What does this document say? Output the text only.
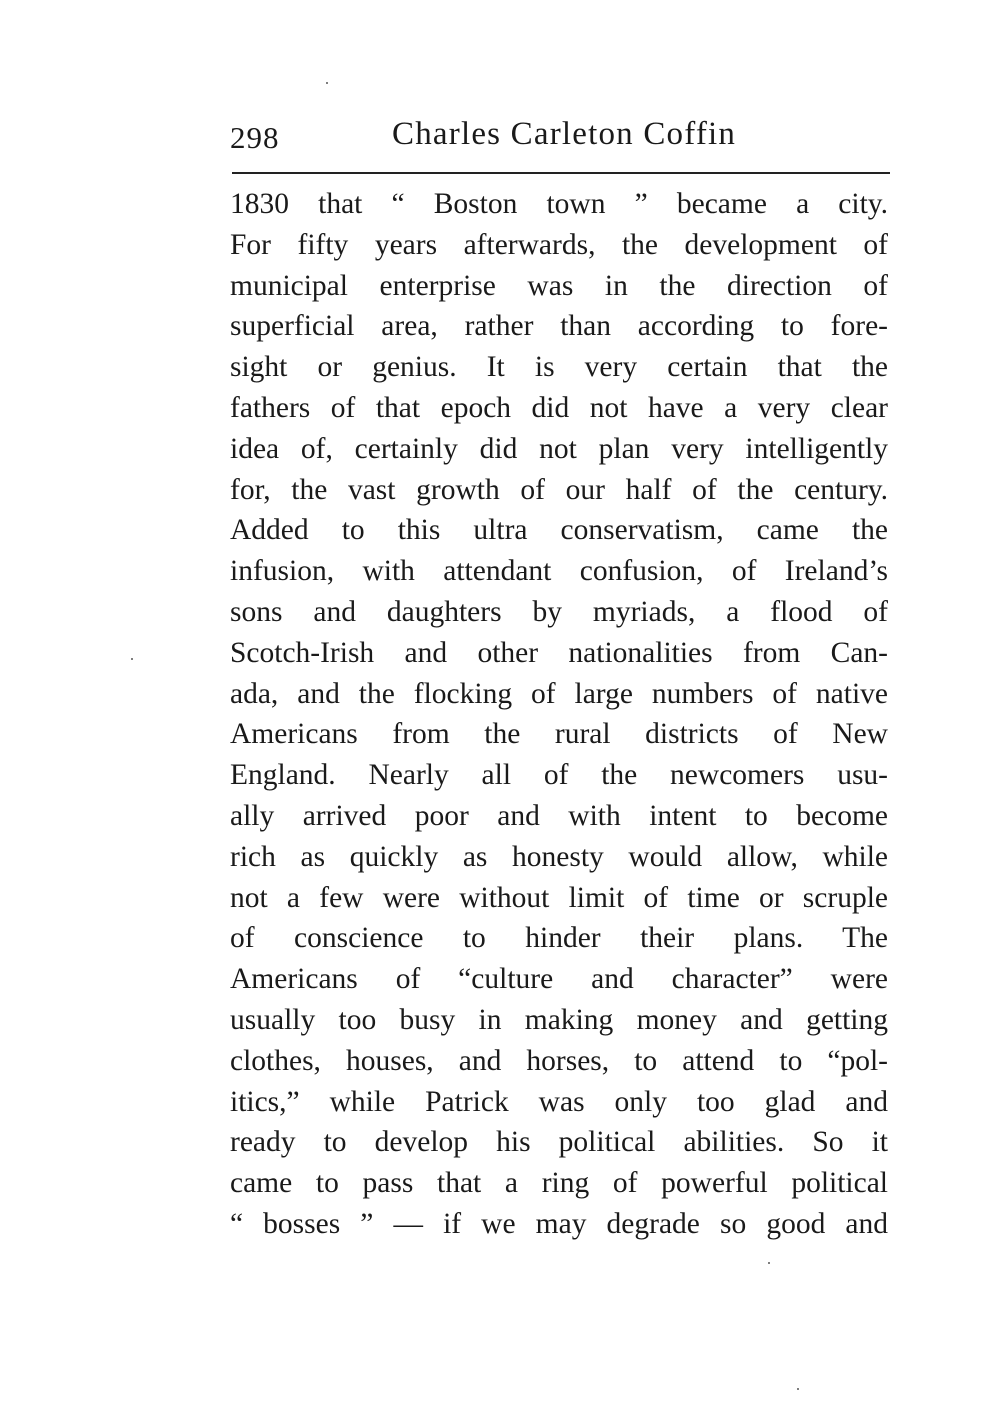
298	Charles Carleton Coffin
1830 that “ Boston town ” became a city.
For fifty years afterwards, the development of
municipal enterprise was in the direction of
superficial area, rather than according to fore-
sight or genius. It is very certain that the
fathers of that epoch did not have a very clear
idea of, certainly did not plan very intelligently
for, the vast growth of our half of the century.
Added to this ultra conservatism, came the
infusion, with attendant confusion, of Ireland’s
sons and daughters by myriads, a flood of
Scotch-Irish and other nationalities from Can-
ada, and the flocking of large numbers of native
Americans from the rural districts of New
England. Nearly all of the newcomers usu-
ally arrived poor and with intent to become
rich as quickly as honesty would allow, while
not a few were without limit of time or scruple
of conscience to hinder their plans. The
Americans of “culture and character” were
usually too busy in making money and getting
clothes, houses, and horses, to attend to “pol-
itics,” while Patrick was only too glad and
ready to develop his political abilities. So it
came to pass that a ring of powerful political
“ bosses ” — if we may degrade so good and
